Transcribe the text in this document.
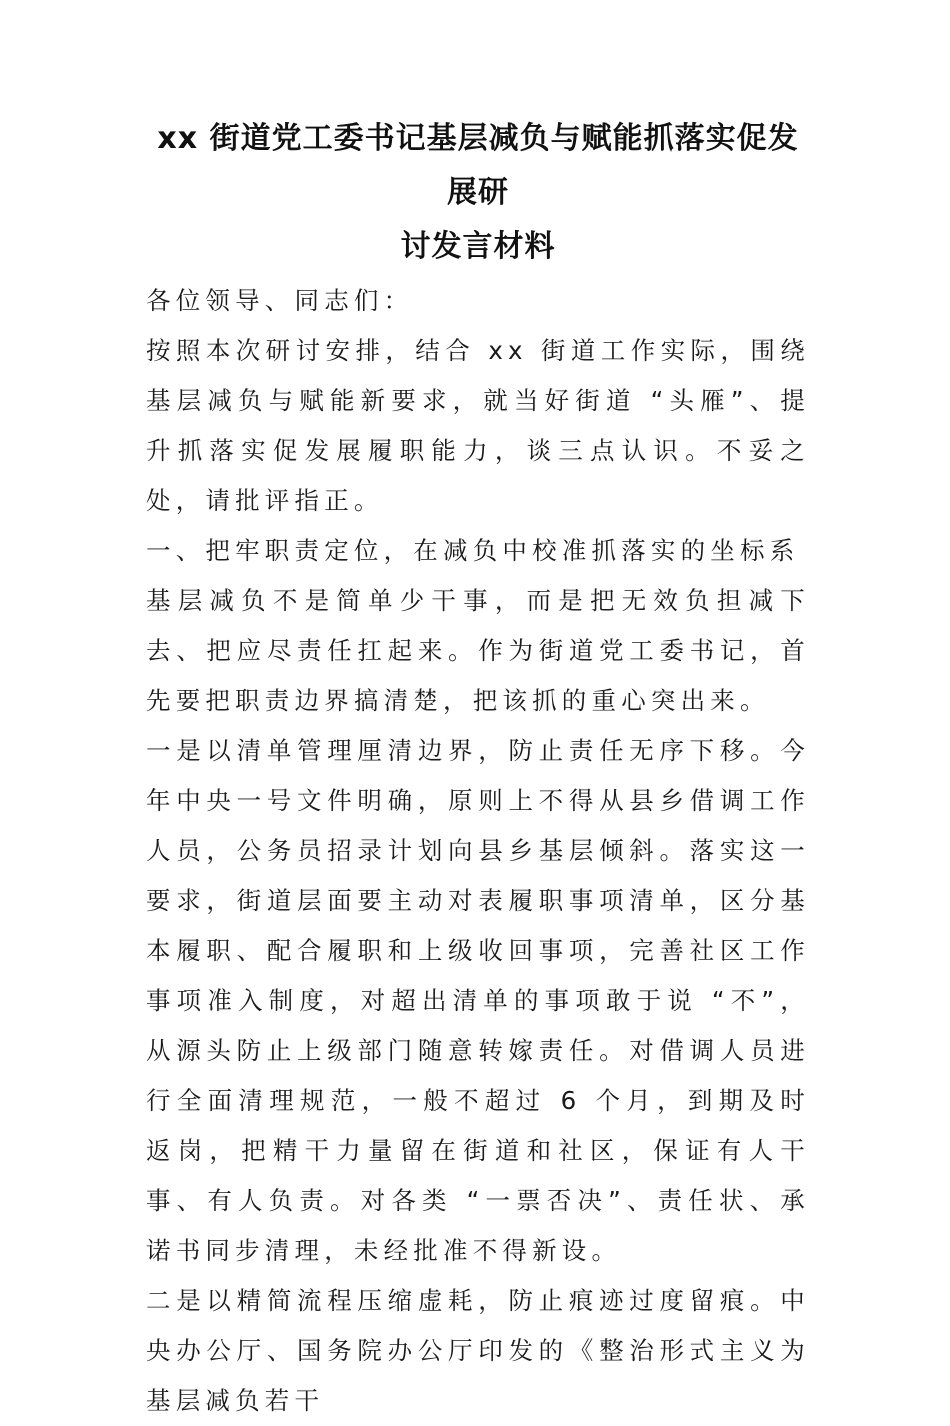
xx 街道党工委书记基层减负与赋能抓落实促发展研
讨发言材料

各位领导、同志们：

按照本次研讨安排，结合 xx 街道工作实际，围绕基层减负与赋能新要求，就当好街道 “头雁”、提升抓落实促发展履职能力，谈三点认识。不妥之处，请批评指正。

一、把牢职责定位，在减负中校准抓落实的坐标系

基层减负不是简单少干事，而是把无效负担减下去、把应尽责任扛起来。作为街道党工委书记，首先要把职责边界搞清楚，把该抓的重心突出来。

一是以清单管理厘清边界，防止责任无序下移。今年中央一号文件明确，原则上不得从县乡借调工作人员，公务员招录计划向县乡基层倾斜。落实这一要求，街道层面要主动对表履职事项清单，区分基本履职、配合履职和上级收回事项，完善社区工作事项准入制度，对超出清单的事项敢于说 “不”，从源头防止上级部门随意转嫁责任。对借调人员进行全面清理规范，一般不超过 6 个月，到期及时返岗，把精干力量留在街道和社区，保证有人干事、有人负责。对各类 “一票否决”、责任状、承诺书同步清理，未经批准不得新设。

二是以精简流程压缩虚耗，防止痕迹过度留痕。中央办公厅、国务院办公厅印发的《整治形式主义为基层减负若干
